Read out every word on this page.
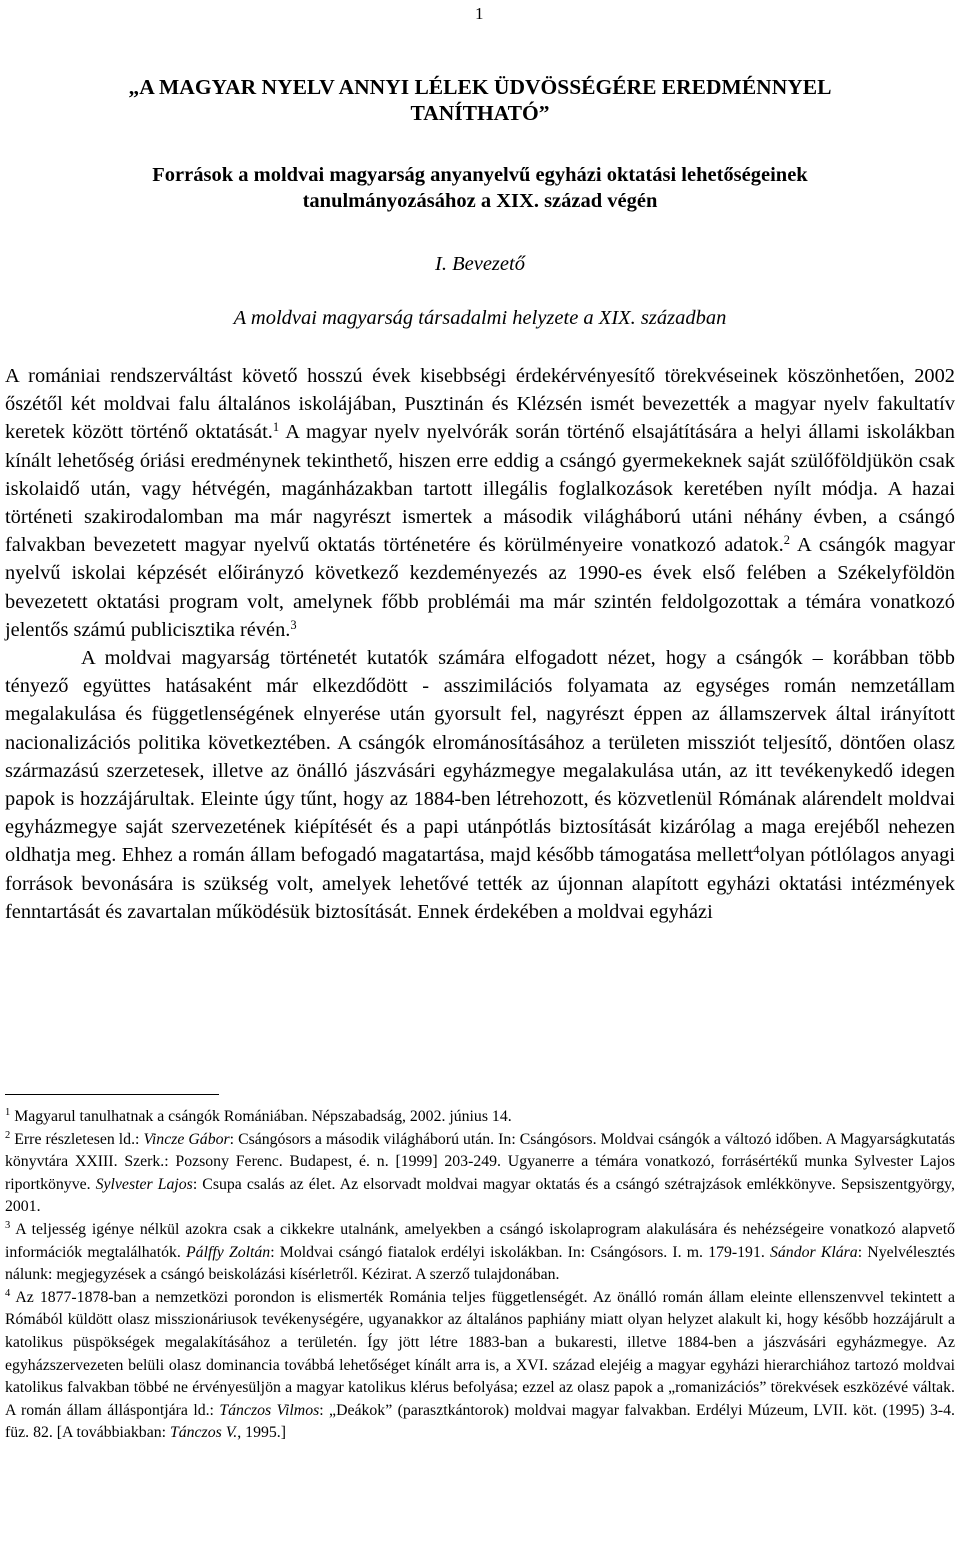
1
„A MAGYAR NYELV ANNYI LÉLEK ÜDVÖSSÉGÉRE EREDMÉNNYEL
TANÍTHATÓ”
Források a moldvai magyarság anyanyelvű egyházi oktatási lehetőségeinek
tanulmányozásához a XIX. század végén
I. Bevezető
A moldvai magyarság társadalmi helyzete a XIX. században

A romániai rendszerváltást követő hosszú évek kisebbségi érdekérvényesítő törekvéseinek köszönhetően, 2002 őszétől két moldvai falu általános iskolájában, Pusztinán és Klézsén ismét bevezették a magyar nyelv fakultatív keretek között történő oktatását.$^1$ A magyar nyelv nyelvórák során történő elsajátítására a helyi állami iskolákban kínált lehetőség óriási eredménynek tekinthető, hiszen erre eddig a csángó gyermekeknek saját szülőföldjükön csak iskolaidő után, vagy hétvégén, magánházakban tartott illegális foglalkozások keretében nyílt módja. A hazai történeti szakirodalomban ma már nagyrészt ismertek a második világháború utáni néhány évben, a csángó falvakban bevezetett magyar nyelvű oktatás történetére és körülményeire vonatkozó adatok.$^2$ A csángók magyar nyelvű iskolai képzését előirányzó következő kezdeményezés az 1990-es évek első felében a Székelyföldön bevezetett oktatási program volt, amelynek főbb problémái ma már szintén feldolgozottak a témára vonatkozó jelentős számú publicisztika révén.$^3$

A moldvai magyarság történetét kutatók számára elfogadott nézet, hogy a csángók – korábban több tényező együttes hatásaként már elkezdődött - asszimilációs folyamata az egységes román nemzetállam megalakulása és függetlenségének elnyerése után gyorsult fel, nagyrészt éppen az államszervek által irányított nacionalizációs politika következtében. A csángók elrománosításához a területen missziót teljesítő, döntően olasz származású szerzetesek, illetve az önálló jászvásári egyházmegye megalakulása után, az itt tevékenykedő idegen papok is hozzájárultak. Eleinte úgy tűnt, hogy az 1884-ben létrehozott, és közvetlenül Rómának alárendelt moldvai egyházmegye saját szervezetének kiépítését és a papi utánpótlás biztosítását kizárólag a maga erejéből nehezen oldhatja meg. Ehhez a román állam befogadó magatartása, majd később támogatása mellett$^4$olyan pótlólagos anyagi források bevonására is szükség volt, amelyek lehetővé tették az újonnan alapított egyházi oktatási intézmények fenntartását és zavartalan működésük biztosítását. Ennek érdekében a moldvai egyházi

$^1$ Magyarul tanulhatnak a csángók Romániában. Népszabadság, 2002. június 14.

$^2$ Erre részletesen ld.: Vincze Gábor: Csángósors a második világháború után. In: Csángósors. Moldvai csángók a változó időben. A Magyarságkutatás könyvtára XXIII. Szerk.: Pozsony Ferenc. Budapest, é. n. [1999] 203-249. Ugyanerre a témára vonatkozó, forrásértékű munka Sylvester Lajos riportkönyve. Sylvester Lajos: Csupa csalás az élet. Az elsorvadt moldvai magyar oktatás és a csángó szétrajzások emlékkönyve. Sepsiszentgyörgy, 2001.

$^3$ A teljesség igénye nélkül azokra csak a cikkekre utalnánk, amelyekben a csángó iskolaprogram alakulására és nehézségeire vonatkozó alapvető információk megtalálhatók. Pálffy Zoltán: Moldvai csángó fiatalok erdélyi iskolákban. In: Csángósors. I. m. 179-191. Sándor Klára: Nyelvélesztés nálunk: megjegyzések a csángó beiskolázási kísérletről. Kézirat. A szerző tulajdonában.

$^4$ Az 1877-1878-ban a nemzetközi porondon is elismerték Románia teljes függetlenségét. Az önálló román állam eleinte ellenszenvvel tekintett a Rómából küldött olasz misszionáriusok tevékenységére, ugyanakkor az általános paphiány miatt olyan helyzet alakult ki, hogy később hozzájárult a katolikus püspökségek megalakításához a területén. Így jött létre 1883-ban a bukaresti, illetve 1884-ben a jászvásári egyházmegye. Az egyházszervezeten belüli olasz dominancia továbbá lehetőséget kínált arra is, a XVI. század elejéig a magyar egyházi hierarchiához tartozó moldvai katolikus falvakban többé ne érvényesüljön a magyar katolikus klérus befolyása; ezzel az olasz papok a „romanizációs” törekvések eszközévé váltak. A román állam álláspontjára ld.: Tánczos Vilmos: „Deákok” (parasztkántorok) moldvai magyar falvakban. Erdélyi Múzeum, LVII. köt. (1995) 3-4. füz. 82. [A továbbiakban: Tánczos V., 1995.]
